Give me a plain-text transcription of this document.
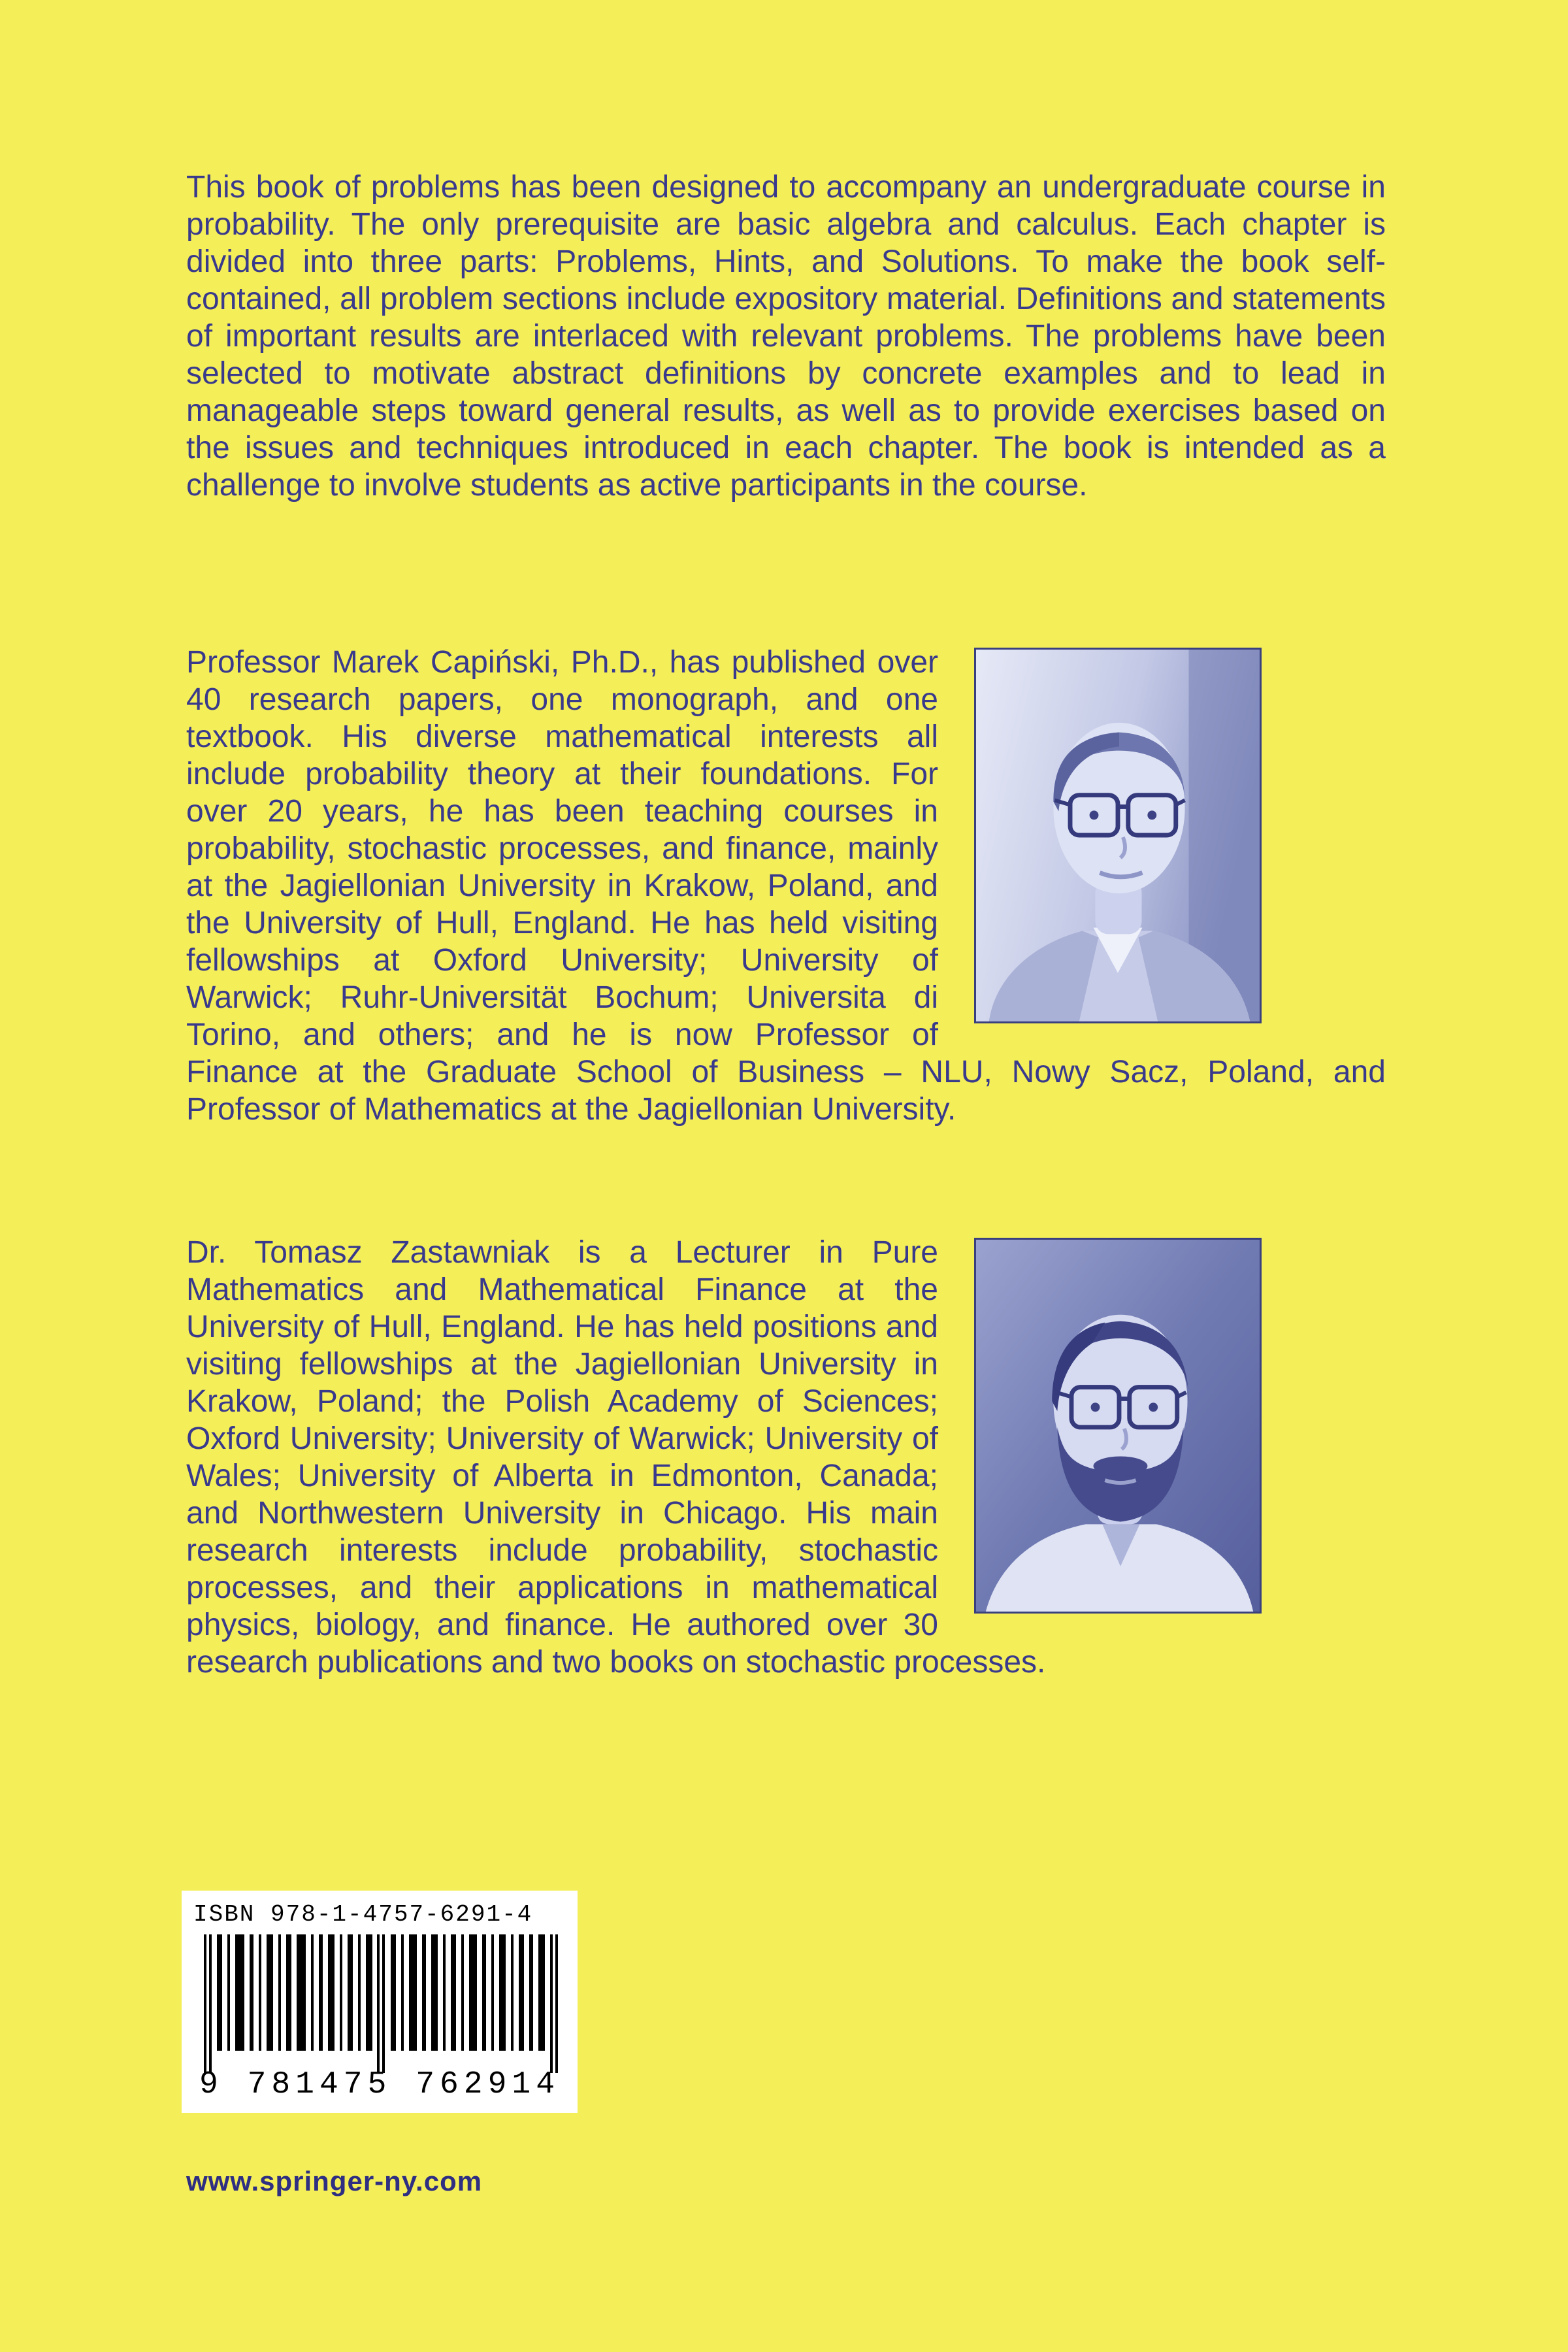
This book of problems has been designed to accompany an undergraduate course in probability. The only prerequisite are basic algebra and calculus. Each chapter is divided into three parts: Problems, Hints, and Solutions. To make the book self-contained, all problem sections include expository material. Definitions and statements of important results are interlaced with relevant problems. The problems have been selected to motivate abstract definitions by concrete examples and to lead in manageable steps toward general results, as well as to provide exercises based on the issues and techniques introduced in each chapter. The book is intended as a challenge to involve students as active participants in the course.

Professor Marek Capiński, Ph.D., has published over 40 research papers, one monograph, and one textbook. His diverse mathematical interests all include probability theory at their foundations. For over 20 years, he has been teaching courses in probability, stochastic processes, and finance, mainly at the Jagiellonian University in Krakow, Poland, and the University of Hull, England. He has held visiting fellowships at Oxford University; University of Warwick; Ruhr-Universität Bochum; Universita di Torino, and others; and he is now Professor of Finance at the Graduate School of Business – NLU, Nowy Sacz, Poland, and Professor of Mathematics at the Jagiellonian University.
Dr. Tomasz Zastawniak is a Lecturer in Pure Mathematics and Mathematical Finance at the University of Hull, England. He has held positions and visiting fellowships at the Jagiellonian University in Krakow, Poland; the Polish Academy of Sciences; Oxford University; University of Warwick; University of Wales; University of Alberta in Edmonton, Canada; and Northwestern University in Chicago. His main research interests include probability, stochastic processes, and their applications in mathematical physics, biology, and finance. He authored over 30 research publications and two books on stochastic processes.
ISBN 978-1-4757-6291-4
9 781475 762914
www.springer-ny.com
